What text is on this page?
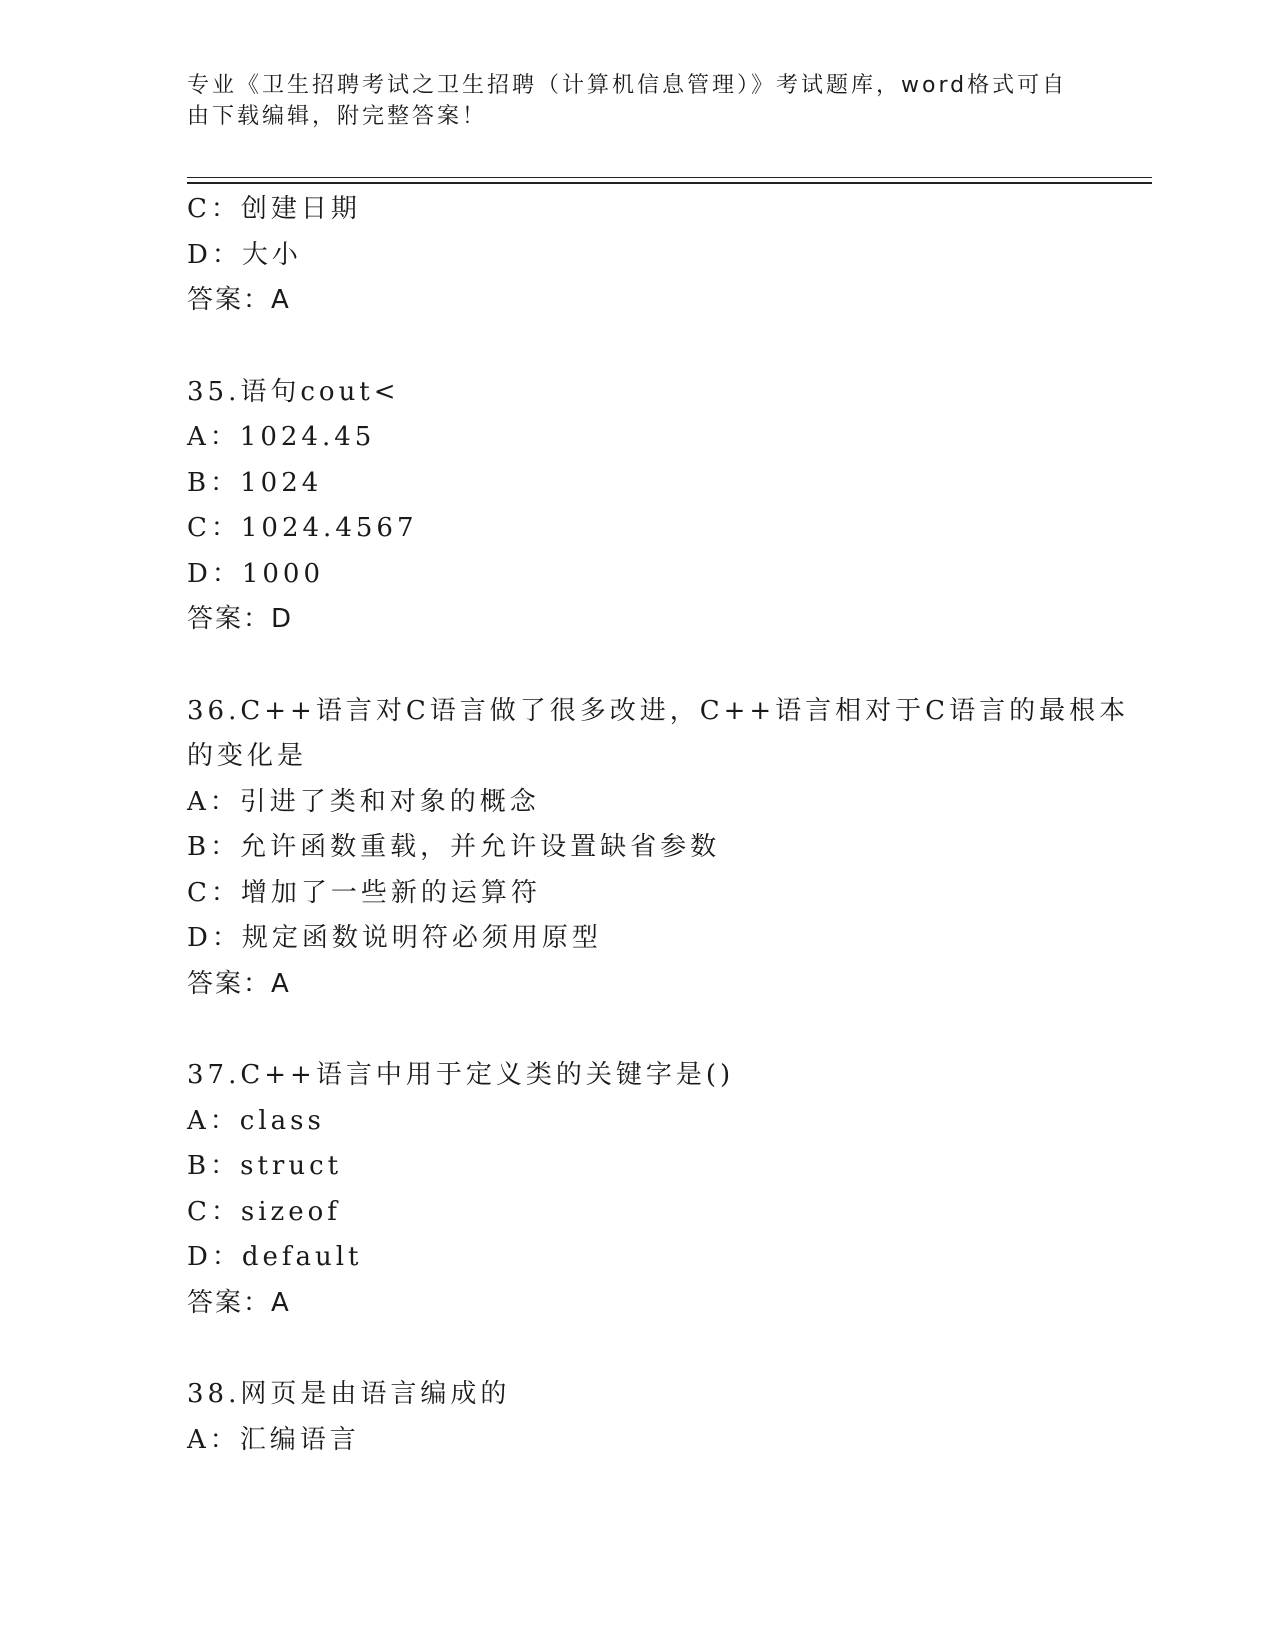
专业《卫生招聘考试之卫生招聘（计算机信息管理）》考试题库，word格式可自由下载编辑，附完整答案！
C：创建日期
D：大小
答案：A
35.语句cout<
A：1024.45
B：1024
C：1024.4567
D：1000
答案：D
36.C++语言对C语言做了很多改进，C++语言相对于C语言的最根本的变化是
A：引进了类和对象的概念
B：允许函数重载，并允许设置缺省参数
C：增加了一些新的运算符
D：规定函数说明符必须用原型
答案：A
37.C++语言中用于定义类的关键字是()
A：class
B：struct
C：sizeof
D：default
答案：A
38.网页是由语言编成的
A：汇编语言
